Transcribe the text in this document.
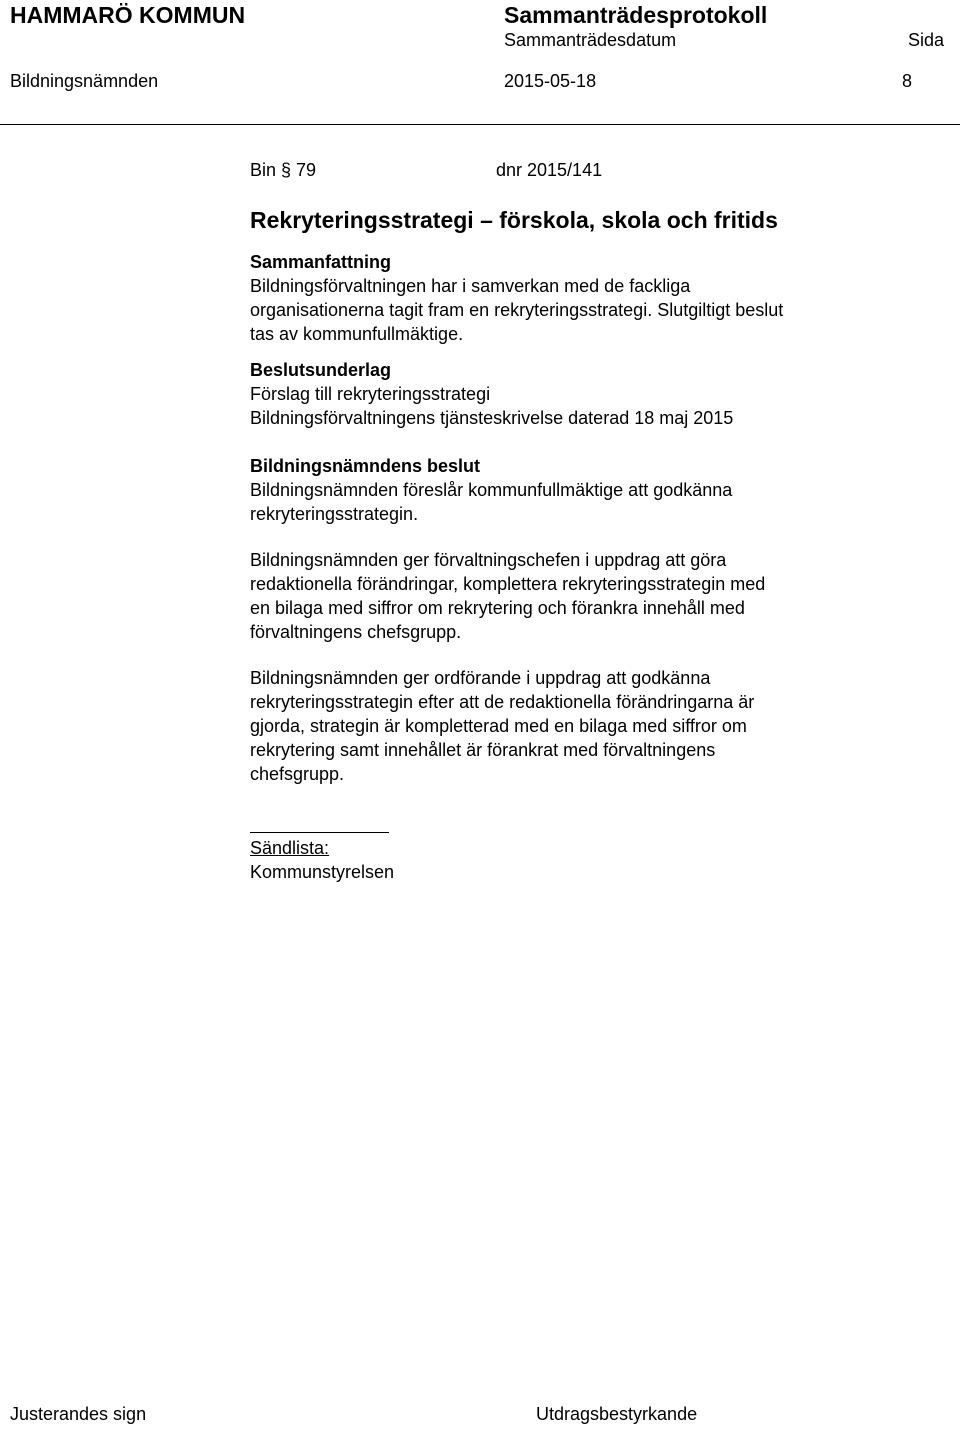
HAMMARÖ KOMMUN	Sammanträdesprotokoll
Sammanträdesdatum	Sida
Bildningsnämnden	2015-05-18	8
Bin § 79	dnr 2015/141
Rekryteringsstrategi – förskola, skola och fritids
Sammanfattning
Bildningsförvaltningen har i samverkan med de fackliga
organisationerna tagit fram en rekryteringsstrategi. Slutgiltigt beslut
tas av kommunfullmäktige.
Beslutsunderlag
Förslag till rekryteringsstrategi
Bildningsförvaltningens tjänsteskrivelse daterad 18 maj 2015
Bildningsnämndens beslut
Bildningsnämnden föreslår kommunfullmäktige att godkänna
rekryteringsstrategin.
Bildningsnämnden ger förvaltningschefen i uppdrag att göra
redaktionella förändringar, komplettera rekryteringsstrategin med
en bilaga med siffror om rekrytering och förankra innehåll med
förvaltningens chefsgrupp.
Bildningsnämnden ger ordförande i uppdrag att godkänna
rekryteringsstrategin efter att de redaktionella förändringarna är
gjorda, strategin är kompletterad med en bilaga med siffror om
rekrytering samt innehållet är förankrat med förvaltningens
chefsgrupp.
Sändlista:
Kommunstyrelsen
Justerandes sign	Utdragsbestyrkande
